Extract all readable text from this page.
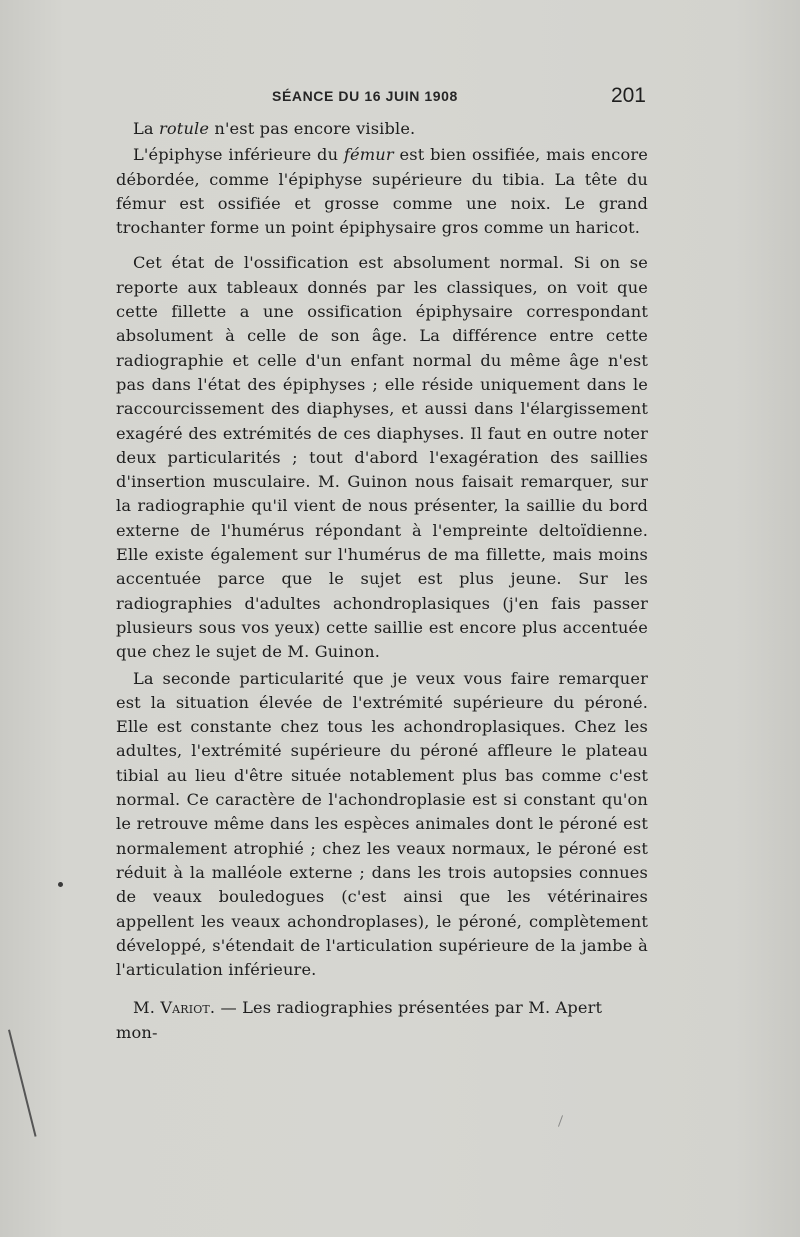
SÉANCE DU 16 JUIN 1908	201

La rotule n'est pas encore visible.

L'épiphyse inférieure du fémur est bien ossifiée, mais encore débordée, comme l'épiphyse supérieure du tibia. La tête du fémur est ossifiée et grosse comme une noix. Le grand trochanter forme un point épiphysaire gros comme un haricot.

Cet état de l'ossification est absolument normal. Si on se reporte aux tableaux donnés par les classiques, on voit que cette fillette a une ossification épiphysaire correspondant absolument à celle de son âge. La différence entre cette radiographie et celle d'un enfant normal du même âge n'est pas dans l'état des épiphyses ; elle réside uniquement dans le raccourcissement des diaphyses, et aussi dans l'élargissement exagéré des extrémités de ces diaphyses. Il faut en outre noter deux particularités ; tout d'abord l'exagération des saillies d'insertion musculaire. M. Guinon nous faisait remarquer, sur la radiographie qu'il vient de nous présenter, la saillie du bord externe de l'humérus répondant à l'empreinte deltoïdienne. Elle existe également sur l'humérus de ma fillette, mais moins accentuée parce que le sujet est plus jeune. Sur les radiographies d'adultes achondroplasiques (j'en fais passer plusieurs sous vos yeux) cette saillie est encore plus accentuée que chez le sujet de M. Guinon.

La seconde particularité que je veux vous faire remarquer est la situation élevée de l'extrémité supérieure du péroné. Elle est constante chez tous les achondroplasiques. Chez les adultes, l'extrémité supérieure du péroné affleure le plateau tibial au lieu d'être située notablement plus bas comme c'est normal. Ce caractère de l'achondroplasie est si constant qu'on le retrouve même dans les espèces animales dont le péroné est normalement atrophié ; chez les veaux normaux, le péroné est réduit à la malléole externe ; dans les trois autopsies connues de veaux bouledogues (c'est ainsi que les vétérinaires appellent les veaux achondroplases), le péroné, complètement développé, s'étendait de l'articulation supérieure de la jambe à l'articulation inférieure.

M. Variot. — Les radiographies présentées par M. Apert mon-
